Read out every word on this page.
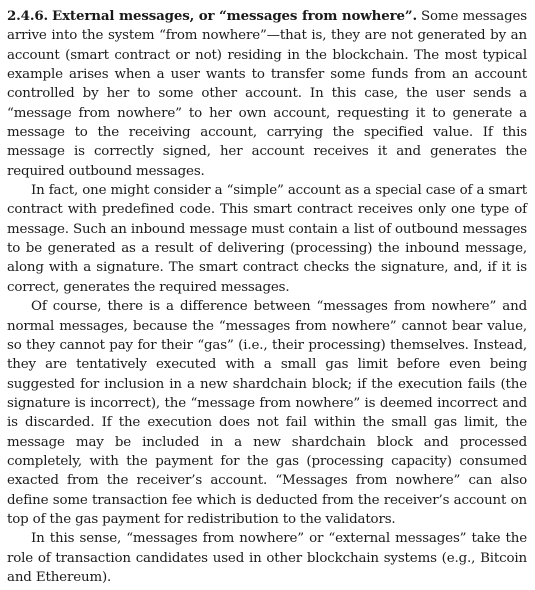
2.4.6. External messages, or “messages from nowhere”. Some messages arrive into the system “from nowhere”—that is, they are not generated by an account (smart contract or not) residing in the blockchain. The most typical example arises when a user wants to transfer some funds from an account controlled by her to some other account. In this case, the user sends a “message from nowhere” to her own account, requesting it to generate a message to the receiving account, carrying the specified value. If this message is correctly signed, her account receives it and generates the required outbound messages.

In fact, one might consider a “simple” account as a special case of a smart contract with predefined code. This smart contract receives only one type of message. Such an inbound message must contain a list of outbound messages to be generated as a result of delivering (processing) the inbound message, along with a signature. The smart contract checks the signature, and, if it is correct, generates the required messages.

Of course, there is a difference between “messages from nowhere” and normal messages, because the “messages from nowhere” cannot bear value, so they cannot pay for their “gas” (i.e., their processing) themselves. Instead, they are tentatively executed with a small gas limit before even being suggested for inclusion in a new shardchain block; if the execution fails (the signature is incorrect), the “message from nowhere” is deemed incorrect and is discarded. If the execution does not fail within the small gas limit, the message may be included in a new shardchain block and processed completely, with the payment for the gas (processing capacity) consumed exacted from the receiver’s account. “Messages from nowhere” can also define some transaction fee which is deducted from the receiver’s account on top of the gas payment for redistribution to the validators.

In this sense, “messages from nowhere” or “external messages” take the role of transaction candidates used in other blockchain systems (e.g., Bitcoin and Ethereum).
